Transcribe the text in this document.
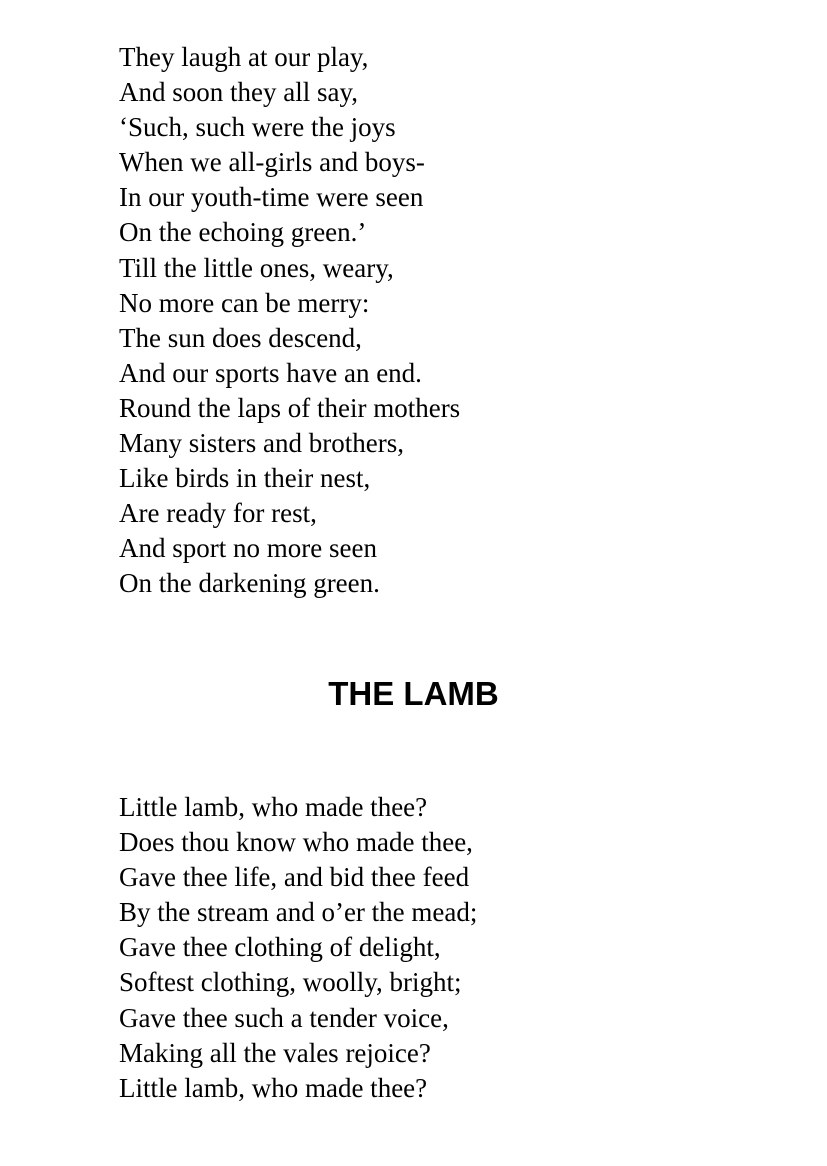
They laugh at our play,
And soon they all say,
‘Such, such were the joys
When we all-girls and boys-
In our youth-time were seen
On the echoing green.’
Till the little ones, weary,
No more can be merry:
The sun does descend,
And our sports have an end.
Round the laps of their mothers
Many sisters and brothers,
Like birds in their nest,
Are ready for rest,
And sport no more seen
On the darkening green.
THE LAMB
Little lamb, who made thee?
Does thou know who made thee,
Gave thee life, and bid thee feed
By the stream and o’er the mead;
Gave thee clothing of delight,
Softest clothing, woolly, bright;
Gave thee such a tender voice,
Making all the vales rejoice?
Little lamb, who made thee?
